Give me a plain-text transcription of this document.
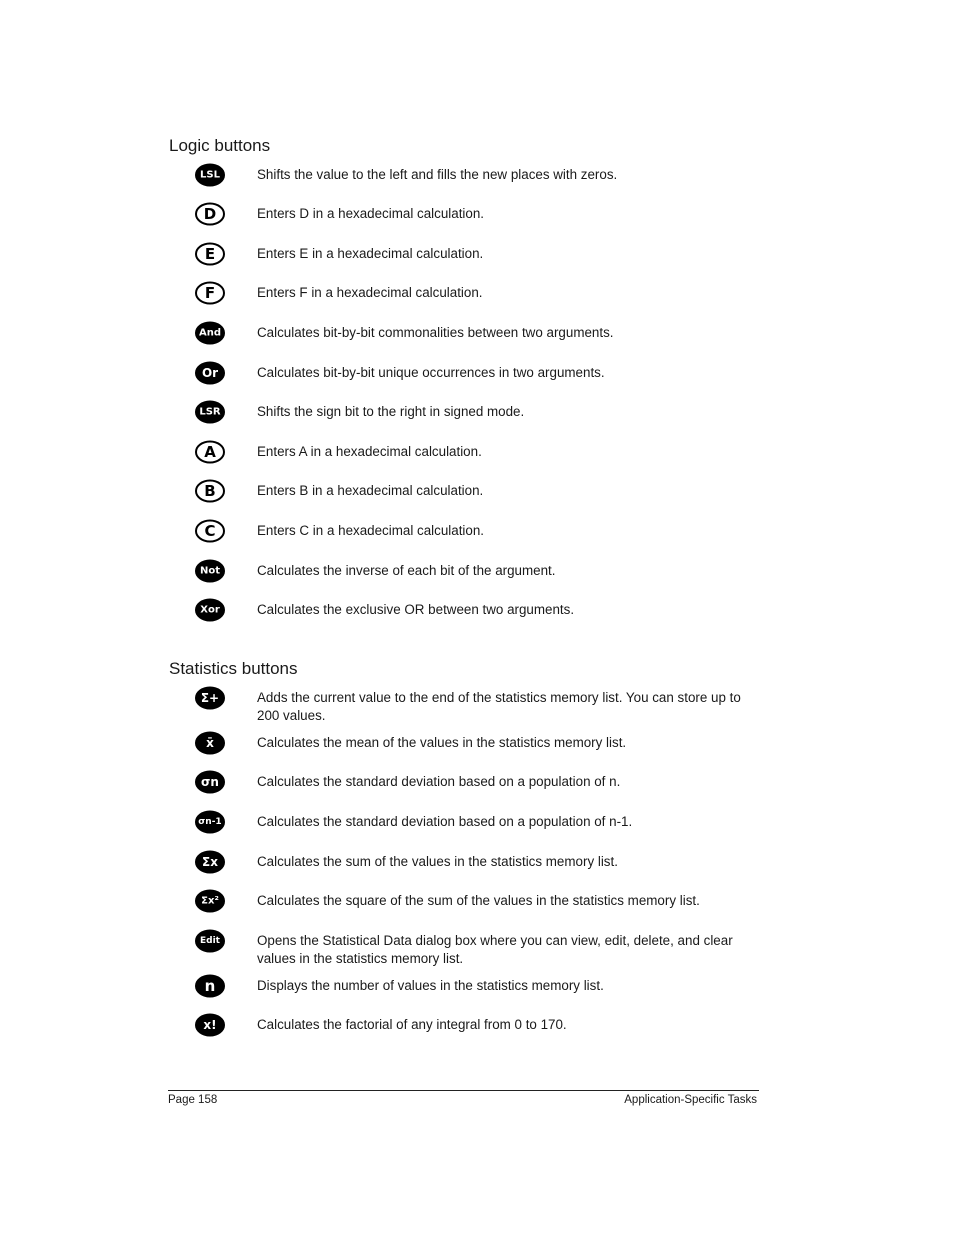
Logic buttons
LSL	Shifts the value to the left and fills the new places with zeros.
D	Enters D in a hexadecimal calculation.
E	Enters E in a hexadecimal calculation.
F	Enters F in a hexadecimal calculation.
And	Calculates bit-by-bit commonalities between two arguments.
Or	Calculates bit-by-bit unique occurrences in two arguments.
LSR	Shifts the sign bit to the right in signed mode.
A	Enters A in a hexadecimal calculation.
B	Enters B in a hexadecimal calculation.
C	Enters C in a hexadecimal calculation.
Not	Calculates the inverse of each bit of the argument.
Xor	Calculates the exclusive OR between two arguments.
Statistics buttons
Σ+	Adds the current value to the end of the statistics memory list. You can store up to 200 values.
x̄	Calculates the mean of the values in the statistics memory list.
σn	Calculates the standard deviation based on a population of n.
σn-1	Calculates the standard deviation based on a population of n-1.
Σx	Calculates the sum of the values in the statistics memory list.
Σx²	Calculates the square of the sum of the values in the statistics memory list.
Edit	Opens the Statistical Data dialog box where you can view, edit, delete, and clear values in the statistics memory list.
n	Displays the number of values in the statistics memory list.
x!	Calculates the factorial of any integral from 0 to 170.
Page 158	Application-Specific Tasks
